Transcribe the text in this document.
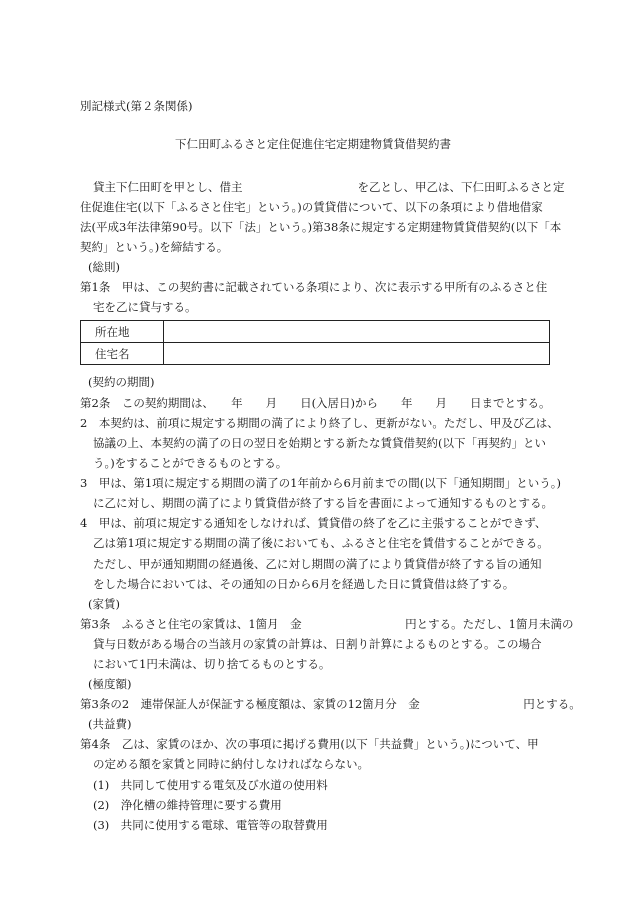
別記様式(第２条関係)
下仁田町ふるさと定住促進住宅定期建物賃貸借契約書
貸主下仁田町を甲とし、借主　　　　　　　　　　を乙とし、甲乙は、下仁田町ふるさと定
住促進住宅(以下「ふるさと住宅」という。)の賃貸借について、以下の条項により借地借家
法(平成3年法律第90号。以下「法」という。)第38条に規定する定期建物賃貸借契約(以下「本
契約」という。)を締結する。
(総則)
第1条　甲は、この契約書に記載されている条項により、次に表示する甲所有のふるさと住
宅を乙に貸与する。
所在地	
住宅名	
(契約の期間)
第2条　この契約期間は、　　年　　月　　日(入居日)から　　年　　月　　日までとする。
2　本契約は、前項に規定する期間の満了により終了し、更新がない。ただし、甲及び乙は、
協議の上、本契約の満了の日の翌日を始期とする新たな賃貸借契約(以下「再契約」とい
う。)をすることができるものとする。
3　甲は、第1項に規定する期間の満了の1年前から6月前までの間(以下「通知期間」という。)
に乙に対し、期間の満了により賃貸借が終了する旨を書面によって通知するものとする。
4　甲は、前項に規定する通知をしなければ、賃貸借の終了を乙に主張することができず、
乙は第1項に規定する期間の満了後においても、ふるさと住宅を賃借することができる。
ただし、甲が通知期間の経過後、乙に対し期間の満了により賃貸借が終了する旨の通知
をした場合においては、その通知の日から6月を経過した日に賃貸借は終了する。
(家賃)
第3条　ふるさと住宅の家賃は、1箇月　金　　　　　　　　　円とする。ただし、1箇月未満の
貸与日数がある場合の当該月の家賃の計算は、日割り計算によるものとする。この場合
において1円未満は、切り捨てるものとする。
(極度額)
第3条の2　連帯保証人が保証する極度額は、家賃の12箇月分　金　　　　　　　　　円とする。
(共益費)
第4条　乙は、家賃のほか、次の事項に掲げる費用(以下「共益費」という。)について、甲
の定める額を家賃と同時に納付しなければならない。
(1)　共同して使用する電気及び水道の使用料
(2)　浄化槽の維持管理に要する費用
(3)　共同に使用する電球、電管等の取替費用
